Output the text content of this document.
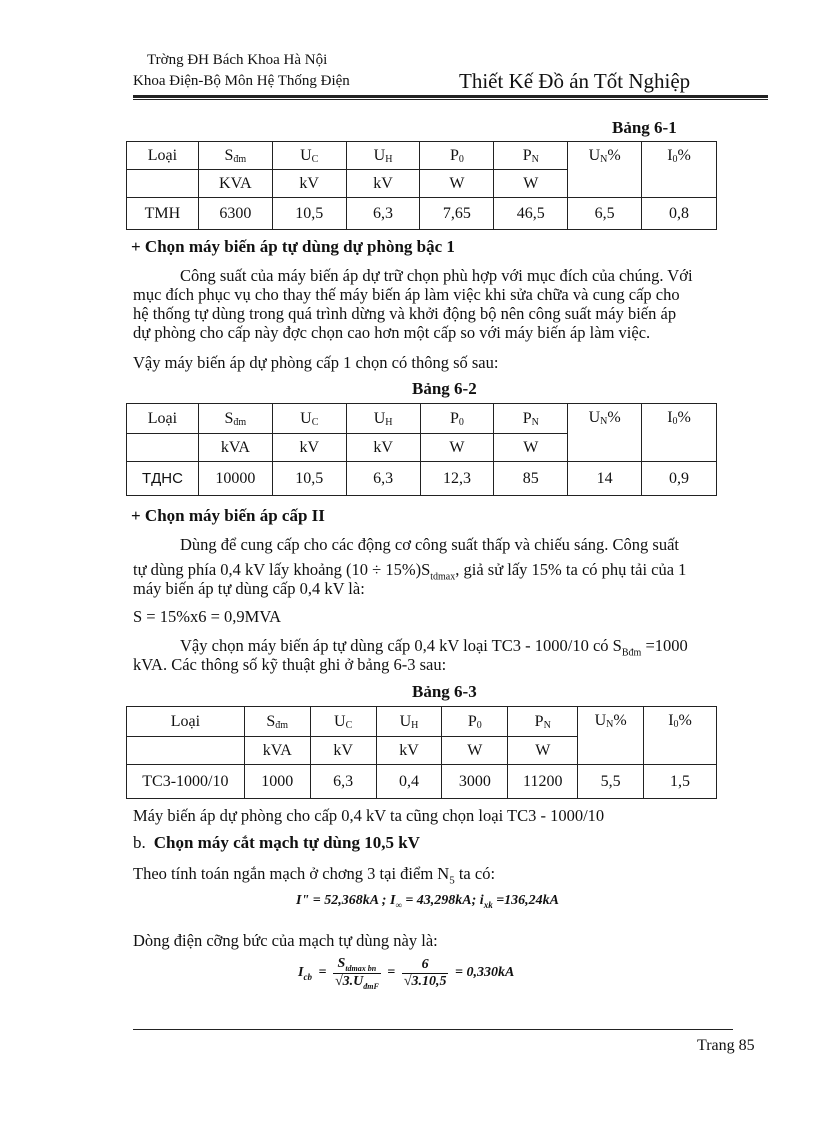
Trờng ĐH Bách Khoa Hà Nội
Khoa Điện-Bộ Môn Hệ Thống Điện	Thiết Kế Đồ án Tốt Nghiệp
Bảng 6-1
Loại	$S_{đm}$	$U_C$	$U_H$	$P_0$	$P_N$	$U_N\%$	$I_0\%$
	KVA	kV	kV	W	W		
TMH	6300	10,5	6,3	7,65	46,5	6,5	0,8
+ Chọn máy biến áp tự dùng dự phòng bậc 1
Công suất của máy biến áp dự trữ chọn phù hợp với mục đích của chúng. Với
mục đích phục vụ cho thay thế máy biến áp làm việc khi sửa chữa và cung cấp cho
hệ thống tự dùng trong quá trình dừng và khởi động bộ nên công suất máy biến áp
dự phòng cho cấp này đợc chọn cao hơn một cấp so với máy biến áp làm việc.
Vậy máy biến áp dự phòng cấp 1 chọn có thông số sau:
Bảng 6-2
Loại	$S_{đm}$	$U_C$	$U_H$	$P_0$	$P_N$	$U_N\%$	$I_0\%$
	kVA	kV	kV	W	W		
TДHC	10000	10,5	6,3	12,3	85	14	0,9
+ Chọn máy biến áp cấp II
Dùng để cung cấp cho các động cơ công suất thấp và chiếu sáng. Công suất
tự dùng phía 0,4 kV lấy khoảng $(10 \div 15\%)S_{tdmax}$, giả sử lấy 15% ta có phụ tải của 1
máy biến áp tự dùng cấp 0,4 kV là:
S = 15%x6 = 0,9MVA
Vậy chọn máy biến áp tự dùng cấp 0,4 kV loại TC3 - 1000/10 có $S_{Bđm} =1000$
kVA. Các thông số kỹ thuật ghi ở bảng 6-3 sau:
Bảng 6-3
Loại	$S_{đm}$	$U_C$	$U_H$	$P_0$	$P_N$	$U_N\%$	$I_0\%$
	kVA	kV	kV	W	W		
TC3-1000/10	1000	6,3	0,4	3000	11200	5,5	1,5
Máy biến áp dự phòng cho cấp 0,4 kV ta cũng chọn loại TC3 - 1000/10
b. Chọn máy cắt mạch tự dùng 10,5 kV
Theo tính toán ngắn mạch ở chơng 3 tại điểm $N_5$ ta có:
I" = 52,368kA ; $I_\infty = 43,298kA$; $i_{xk} =136,24kA$
Dòng điện cỡng bức của mạch tự dùng này là:
$I_{cb} = \frac{S_{tdmax bn}}{√3.U_{đmF}} = \frac{6}{√3.10,5} = 0,330kA$
Trang 85
